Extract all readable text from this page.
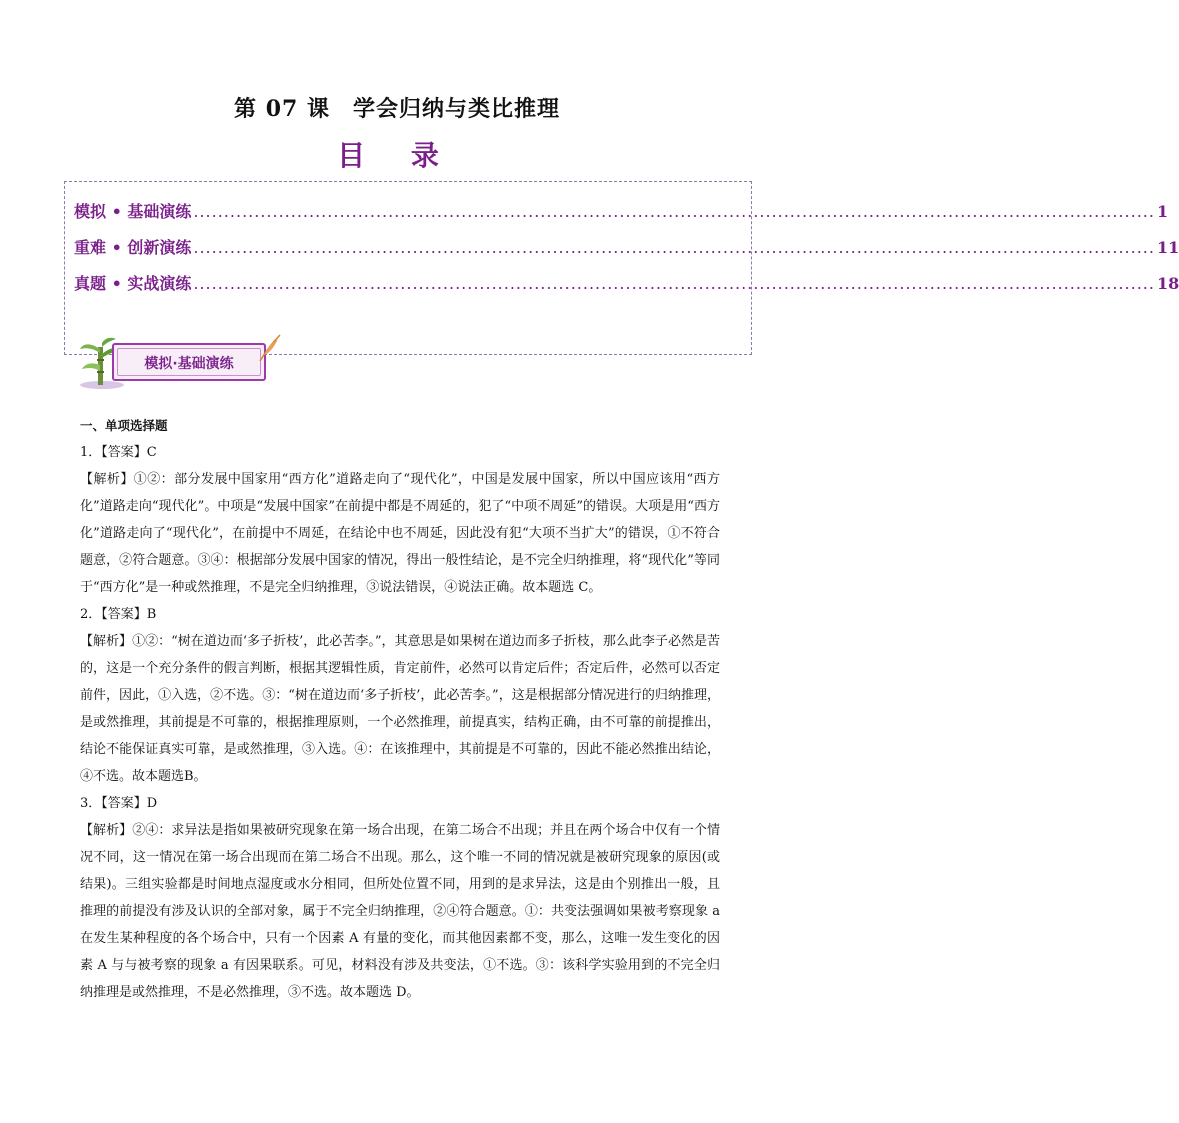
第 07 课　学会归纳与类比推理
目 录
模拟 • 基础演练 .............................................................................................................................................................. 1
重难 • 创新演练 .............................................................................................................................................................. 11
真题 • 实战演练 .............................................................................................................................................................. 18
模拟·基础演练

一、单项选择题

1．【答案】C

【解析】①②：部分发展中国家用“西方化”道路走向了“现代化”，中国是发展中国家，所以中国应该用“西方化”道路走向“现代化”。中项是“发展中国家”在前提中都是不周延的，犯了“中项不周延”的错误。大项是用“西方化”道路走向了“现代化”，在前提中不周延，在结论中也不周延，因此没有犯“大项不当扩大”的错误，①不符合题意，②符合题意。③④：根据部分发展中国家的情况，得出一般性结论，是不完全归纳推理，将“现代化”等同于“西方化”是一种或然推理，不是完全归纳推理，③说法错误，④说法正确。故本题选 C。

2．【答案】B

【解析】①②：“树在道边而‘多子折枝’，此必苦李。”，其意思是如果树在道边而多子折枝，那么此李子必然是苦的，这是一个充分条件的假言判断，根据其逻辑性质，肯定前件，必然可以肯定后件；否定后件，必然可以否定前件，因此，①入选，②不选。③：“树在道边而‘多子折枝’，此必苦李。”，这是根据部分情况进行的归纳推理，是或然推理，其前提是不可靠的，根据推理原则，一个必然推理，前提真实，结构正确，由不可靠的前提推出，结论不能保证真实可靠，是或然推理，③入选。④：在该推理中，其前提是不可靠的，因此不能必然推出结论，④不选。故本题选B。

3．【答案】D

【解析】②④：求异法是指如果被研究现象在第一场合出现，在第二场合不出现；并且在两个场合中仅有一个情况不同，这一情况在第一场合出现而在第二场合不出现。那么，这个唯一不同的情况就是被研究现象的原因(或结果)。三组实验都是时间地点湿度或水分相同，但所处位置不同，用到的是求异法，这是由个别推出一般，且推理的前提没有涉及认识的全部对象，属于不完全归纳推理，②④符合题意。①：共变法强调如果被考察现象 a 在发生某种程度的各个场合中，只有一个因素 A 有量的变化，而其他因素都不变，那么，这唯一发生变化的因素 A 与与被考察的现象 a 有因果联系。可见，材料没有涉及共变法，①不选。③：该科学实验用到的不完全归纳推理是或然推理，不是必然推理，③不选。故本题选 D。
